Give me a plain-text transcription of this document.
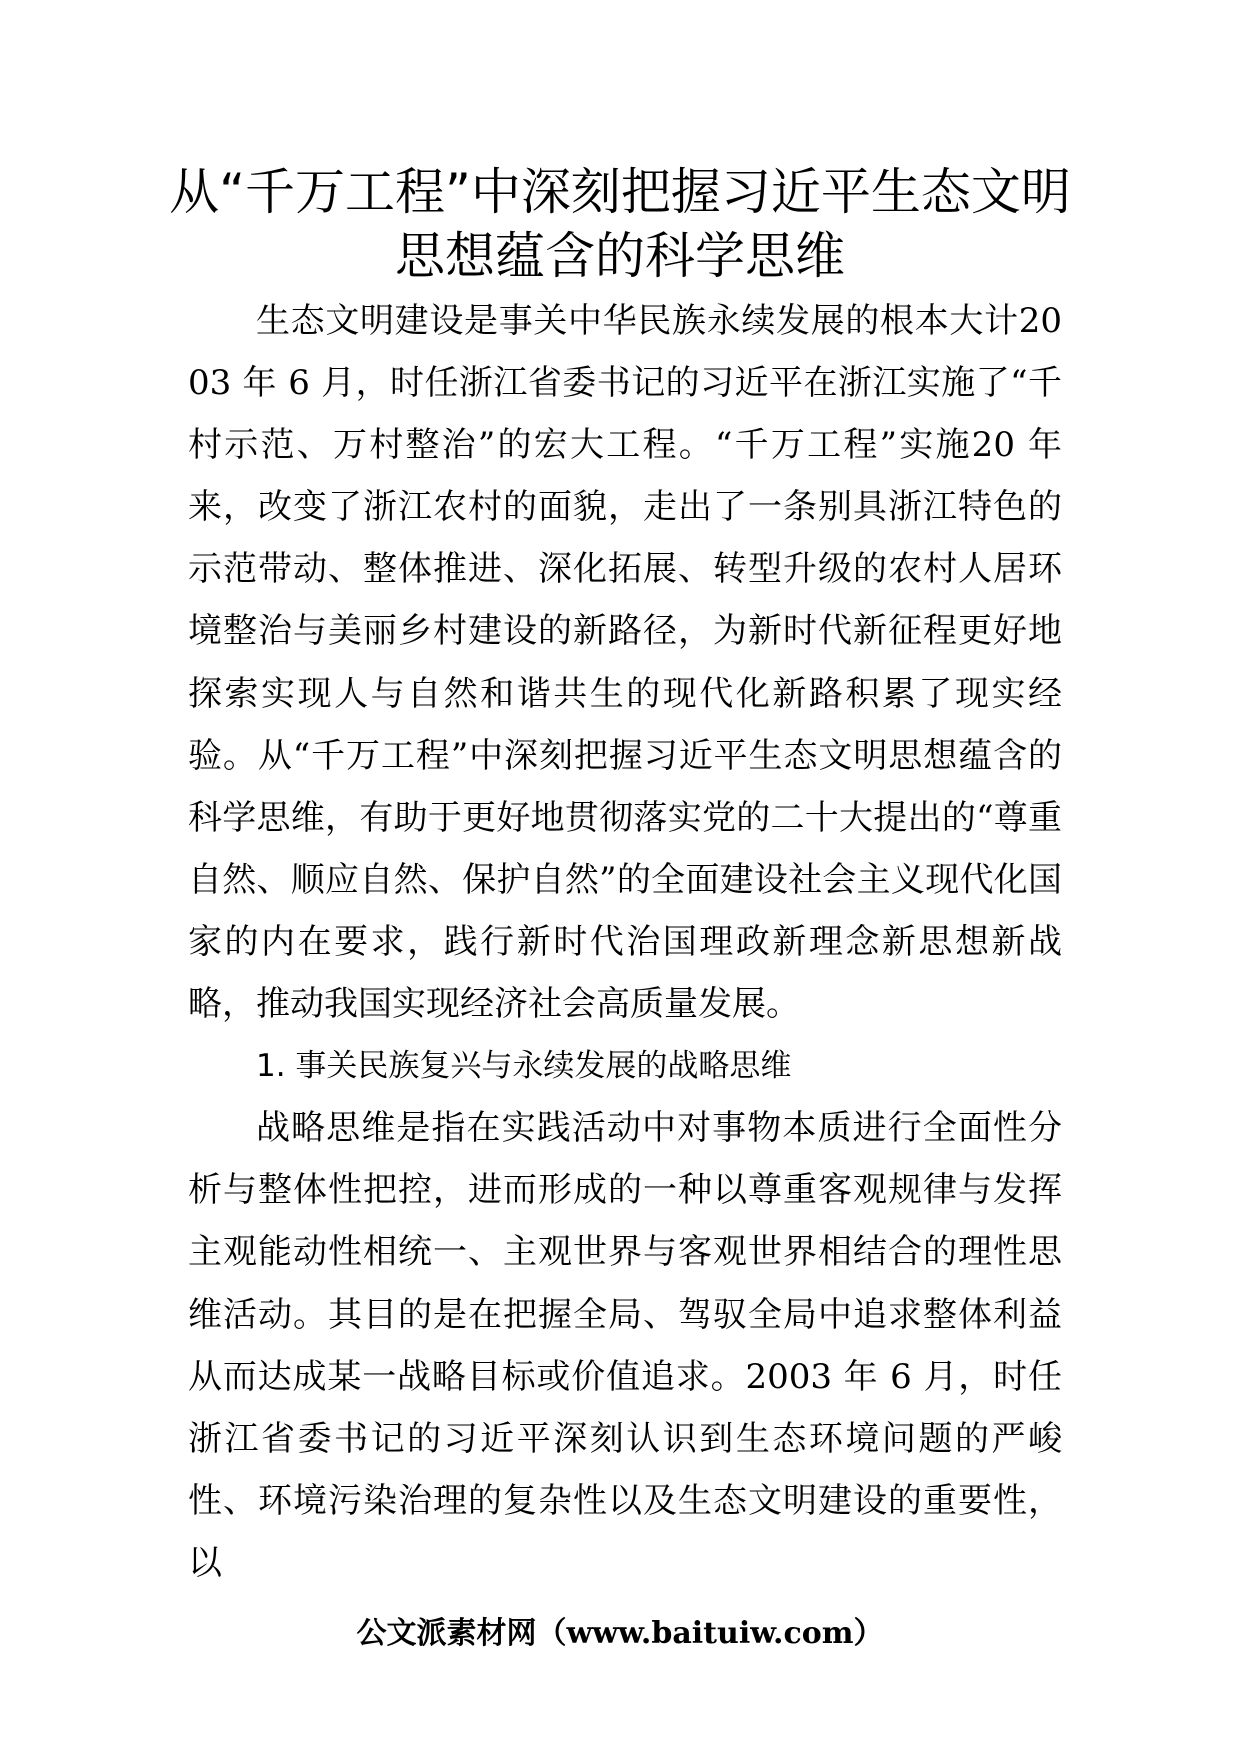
从“千万工程”中深刻把握习近平生态文明思想蕴含的科学思维

生态文明建设是事关中华民族永续发展的根本大计2003 年 6 月，时任浙江省委书记的习近平在浙江实施了“千村示范、万村整治”的宏大工程。“千万工程”实施20 年来，改变了浙江农村的面貌，走出了一条别具浙江特色的示范带动、整体推进、深化拓展、转型升级的农村人居环境整治与美丽乡村建设的新路径，为新时代新征程更好地探索实现人与自然和谐共生的现代化新路积累了现实经验。从“千万工程”中深刻把握习近平生态文明思想蕴含的科学思维，有助于更好地贯彻落实党的二十大提出的“尊重自然、顺应自然、保护自然”的全面建设社会主义现代化国家的内在要求，践行新时代治国理政新理念新思想新战略，推动我国实现经济社会高质量发展。

1. 事关民族复兴与永续发展的战略思维

战略思维是指在实践活动中对事物本质进行全面性分析与整体性把控，进而形成的一种以尊重客观规律与发挥主观能动性相统一、主观世界与客观世界相结合的理性思维活动。其目的是在把握全局、驾驭全局中追求整体利益从而达成某一战略目标或价值追求。2003 年 6 月，时任浙江省委书记的习近平深刻认识到生态环境问题的严峻性、环境污染治理的复杂性以及生态文明建设的重要性，以

公文派素材网（www.baituiw.com）
